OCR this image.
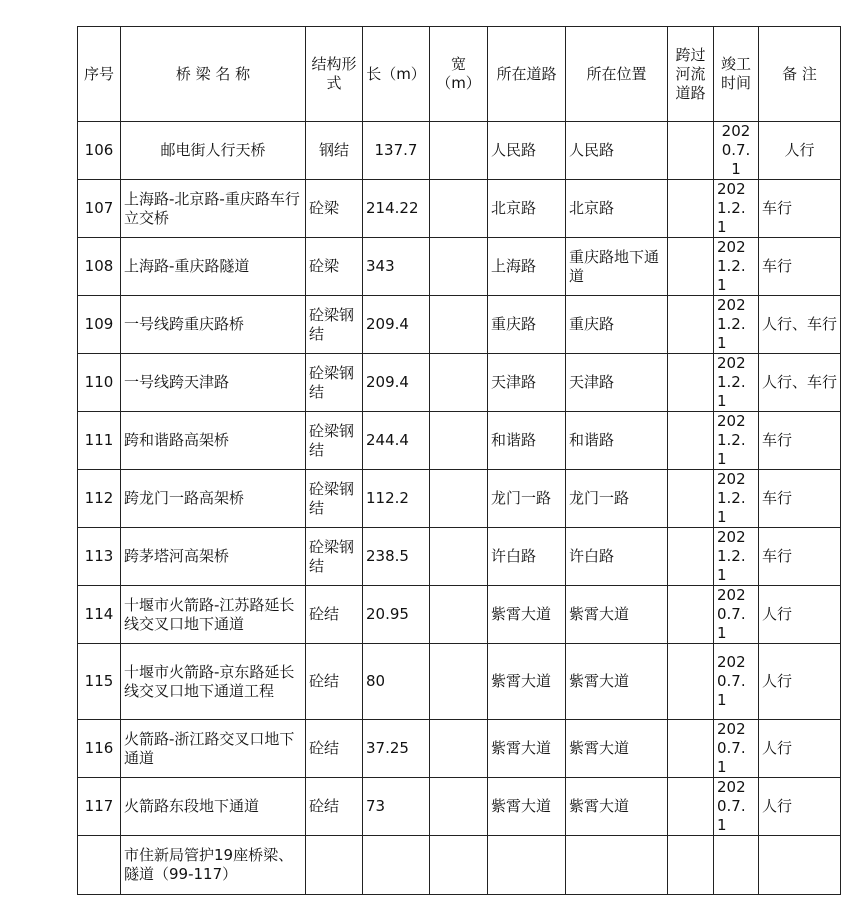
序号	桥 梁 名 称	结构形式	长（m）	宽（m）	所在道路	所在位置	跨过河流道路	竣工时间	备 注
106	邮电街人行天桥	钢结	137.7		人民路	人民路		2020.7.1	人行
107	上海路-北京路-重庆路车行立交桥	砼梁	214.22		北京路	北京路		2021.2.1	车行
108	上海路-重庆路隧道	砼梁	343		上海路	重庆路地下通道		2021.2.1	车行
109	一号线跨重庆路桥	砼梁钢结	209.4		重庆路	重庆路		2021.2.1	人行、车行
110	一号线跨天津路	砼梁钢结	209.4		天津路	天津路		2021.2.1	人行、车行
111	跨和谐路高架桥	砼梁钢结	244.4		和谐路	和谐路		2021.2.1	车行
112	跨龙门一路高架桥	砼梁钢结	112.2		龙门一路	龙门一路		2021.2.1	车行
113	跨茅塔河高架桥	砼梁钢结	238.5		许白路	许白路		2021.2.1	车行
114	十堰市火箭路-江苏路延长线交叉口地下通道	砼结	20.95		紫霄大道	紫霄大道		2020.7.1	人行
115	十堰市火箭路-京东路延长线交叉口地下通道工程	砼结	80		紫霄大道	紫霄大道		2020.7.1	人行
116	火箭路-浙江路交叉口地下通道	砼结	37.25		紫霄大道	紫霄大道		2020.7.1	人行
117	火箭路东段地下通道	砼结	73		紫霄大道	紫霄大道		2020.7.1	人行
	市住新局管护19座桥梁、隧道（99-117）								
